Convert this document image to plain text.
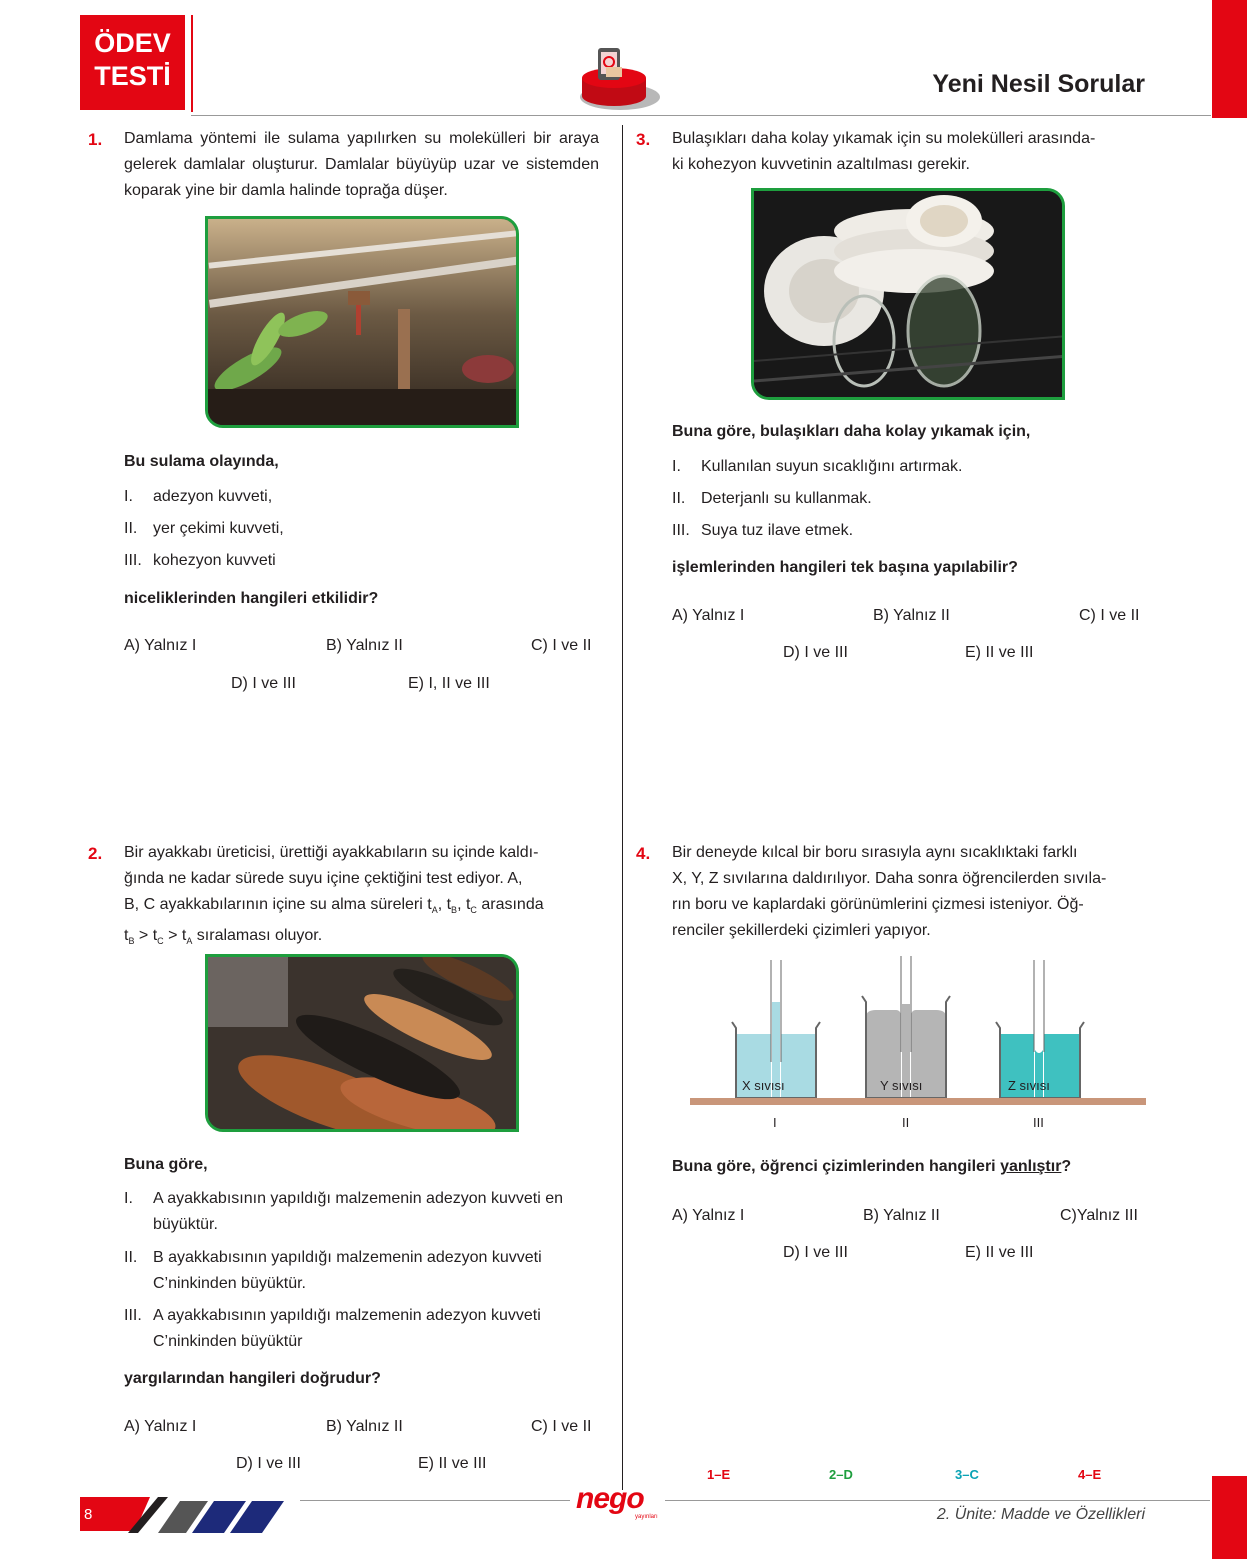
ÖDEV
TESTİ	Yeni Nesil Sorular
1. Damlama yöntemi ile sulama yapılırken su molekülleri bir araya gelerek damlalar oluşturur. Damlalar büyüyüp uzar ve sistemden koparak yine bir damla halinde toprağa düşer.
Bu sulama olayında,
I. adezyon kuvveti,
II. yer çekimi kuvveti,
III. kohezyon kuvveti
niceliklerinden hangileri etkilidir?
A) Yalnız I	B) Yalnız II	C) I ve II
D) I ve III	E) I, II ve III
2. Bir ayakkabı üreticisi, ürettiği ayakkabıların su içinde kaldı-
ğında ne kadar sürede suyu içine çektiğini test ediyor. A,
B, C ayakkabılarının içine su alma süreleri $t_A$, $t_B$, $t_C$ arasında
$t_B > t_C > t_A$ sıralaması oluyor.
Buna göre,
I. A ayakkabısının yapıldığı malzemenin adezyon kuvveti en büyüktür.
II. B ayakkabısının yapıldığı malzemenin adezyon kuvveti C’ninkinden büyüktür.
III. A ayakkabısının yapıldığı malzemenin adezyon kuvveti C’ninkinden büyüktür
yargılarından hangileri doğrudur?
A) Yalnız I	B) Yalnız II	C) I ve II
D) I ve III	E) II ve III
3. Bulaşıkları daha kolay yıkamak için su molekülleri arasında-
ki kohezyon kuvvetinin azaltılması gerekir.
Buna göre, bulaşıkları daha kolay yıkamak için,
I. Kullanılan suyun sıcaklığını artırmak.
II. Deterjanlı su kullanmak.
III. Suya tuz ilave etmek.
işlemlerinden hangileri tek başına yapılabilir?
A) Yalnız I	B) Yalnız II	C) I ve II
D) I ve III	E) II ve III
4. Bir deneyde kılcal bir boru sırasıyla aynı sıcaklıktaki farklı
X, Y, Z sıvılarına daldırılıyor. Daha sonra öğrencilerden sıvıla-
rın boru ve kaplardaki görünümlerini çizmesi isteniyor. Öğ-
renciler şekillerdeki çizimleri yapıyor.
X sıvısı	Y sıvısı	Z sıvısı
I	II	III
Buna göre, öğrenci çizimlerinden hangileri yanlıştır?
A) Yalnız I	B) Yalnız II	C)Yalnız III
D) I ve III	E) II ve III
1–E	2–D	3–C	4–E
8	nego
yayınları	2. Ünite: Madde ve Özellikleri
